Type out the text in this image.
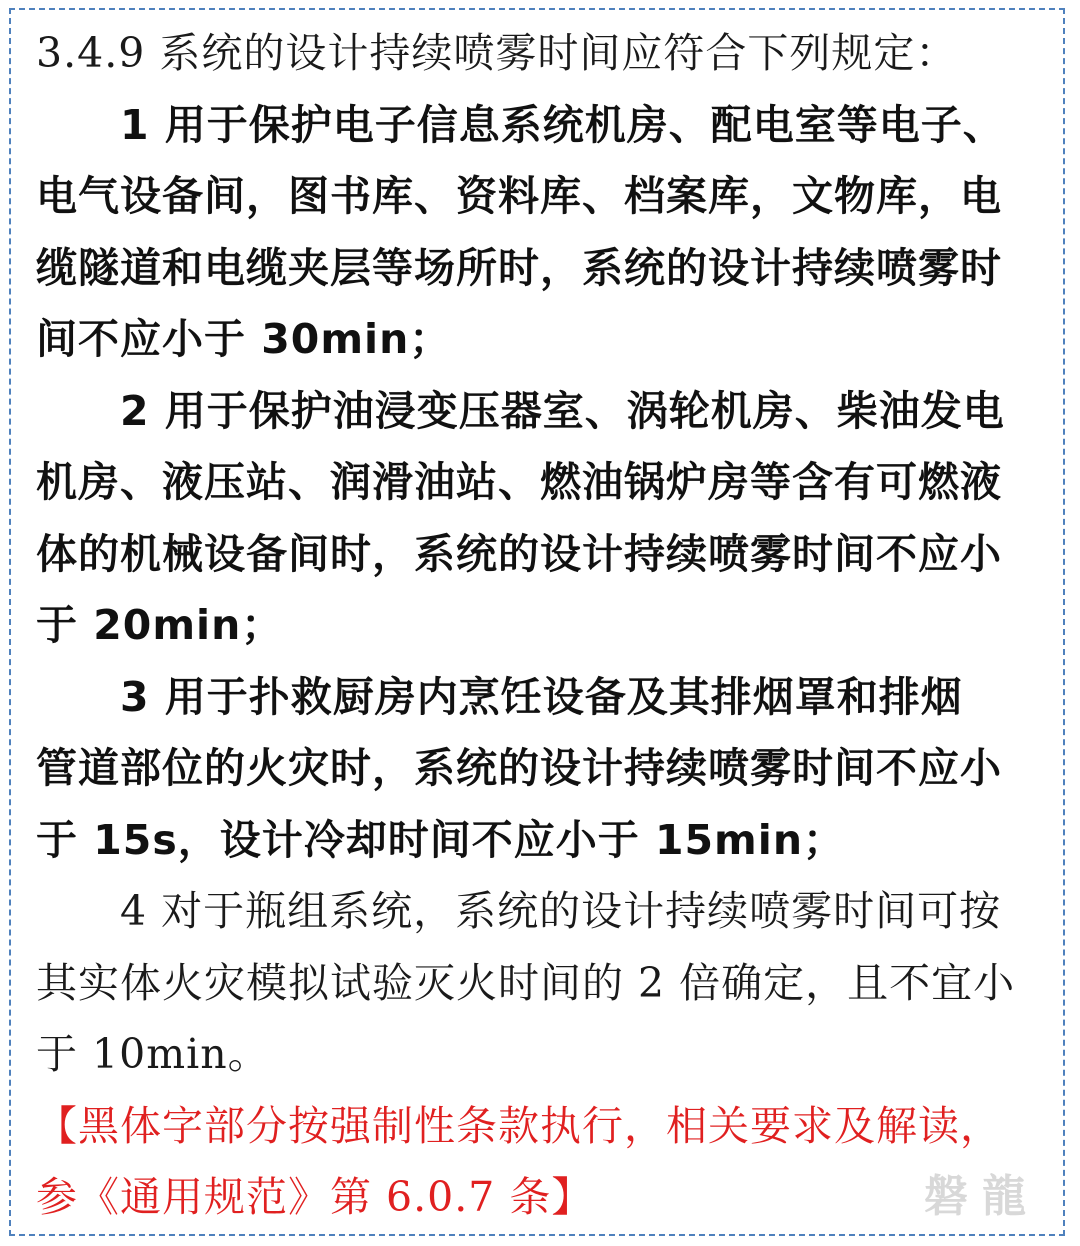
3.4.9 系统的设计持续喷雾时间应符合下列规定：
1 用于保护电子信息系统机房、配电室等电子、
电气设备间，图书库、资料库、档案库，文物库，电
缆隧道和电缆夹层等场所时，系统的设计持续喷雾时
间不应小于 30min；
2 用于保护油浸变压器室、涡轮机房、柴油发电
机房、液压站、润滑油站、燃油锅炉房等含有可燃液
体的机械设备间时，系统的设计持续喷雾时间不应小
于 20min；
3 用于扑救厨房内烹饪设备及其排烟罩和排烟
管道部位的火灾时，系统的设计持续喷雾时间不应小
于 15s，设计冷却时间不应小于 15min；
4 对于瓶组系统，系统的设计持续喷雾时间可按
其实体火灾模拟试验灭火时间的 2 倍确定，且不宜小
于 10min。
【黑体字部分按强制性条款执行，相关要求及解读，
参《通用规范》第 6.0.7 条】	磐龍
